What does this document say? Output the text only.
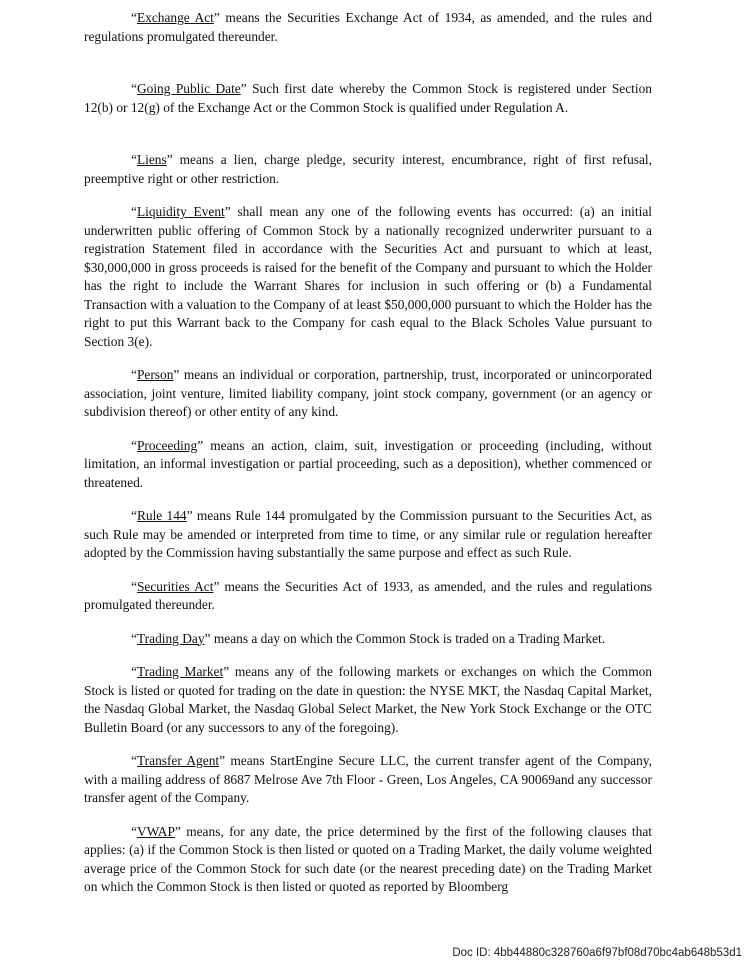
“Exchange Act” means the Securities Exchange Act of 1934, as amended, and the rules and regulations promulgated thereunder.

“Going Public Date” Such first date whereby the Common Stock is registered under Section 12(b) or 12(g) of the Exchange Act or the Common Stock is qualified under Regulation A.

“Liens” means a lien, charge pledge, security interest, encumbrance, right of first refusal, preemptive right or other restriction.

“Liquidity Event” shall mean any one of the following events has occurred: (a) an initial underwritten public offering of Common Stock by a nationally recognized underwriter pursuant to a registration Statement filed in accordance with the Securities Act and pursuant to which at least, $30,000,000 in gross proceeds is raised for the benefit of the Company and pursuant to which the Holder has the right to include the Warrant Shares for inclusion in such offering or (b) a Fundamental Transaction with a valuation to the Company of at least $50,000,000 pursuant to which the Holder has the right to put this Warrant back to the Company for cash equal to the Black Scholes Value pursuant to Section 3(e).

“Person” means an individual or corporation, partnership, trust, incorporated or unincorporated association, joint venture, limited liability company, joint stock company, government (or an agency or subdivision thereof) or other entity of any kind.

“Proceeding” means an action, claim, suit, investigation or proceeding (including, without limitation, an informal investigation or partial proceeding, such as a deposition), whether commenced or threatened.

“Rule 144” means Rule 144 promulgated by the Commission pursuant to the Securities Act, as such Rule may be amended or interpreted from time to time, or any similar rule or regulation hereafter adopted by the Commission having substantially the same purpose and effect as such Rule.

“Securities Act” means the Securities Act of 1933, as amended, and the rules and regulations promulgated thereunder.

“Trading Day” means a day on which the Common Stock is traded on a Trading Market.

“Trading Market” means any of the following markets or exchanges on which the Common Stock is listed or quoted for trading on the date in question: the NYSE MKT, the Nasdaq Capital Market, the Nasdaq Global Market, the Nasdaq Global Select Market, the New York Stock Exchange or the OTC Bulletin Board (or any successors to any of the foregoing).

“Transfer Agent” means StartEngine Secure LLC, the current transfer agent of the Company, with a mailing address of 8687 Melrose Ave 7th Floor - Green, Los Angeles, CA 90069and any successor transfer agent of the Company.

“VWAP” means, for any date, the price determined by the first of the following clauses that applies: (a) if the Common Stock is then listed or quoted on a Trading Market, the daily volume weighted average price of the Common Stock for such date (or the nearest preceding date) on the Trading Market on which the Common Stock is then listed or quoted as reported by Bloomberg

Doc ID: 4bb44880c328760a6f97bf08d70bc4ab648b53d1
